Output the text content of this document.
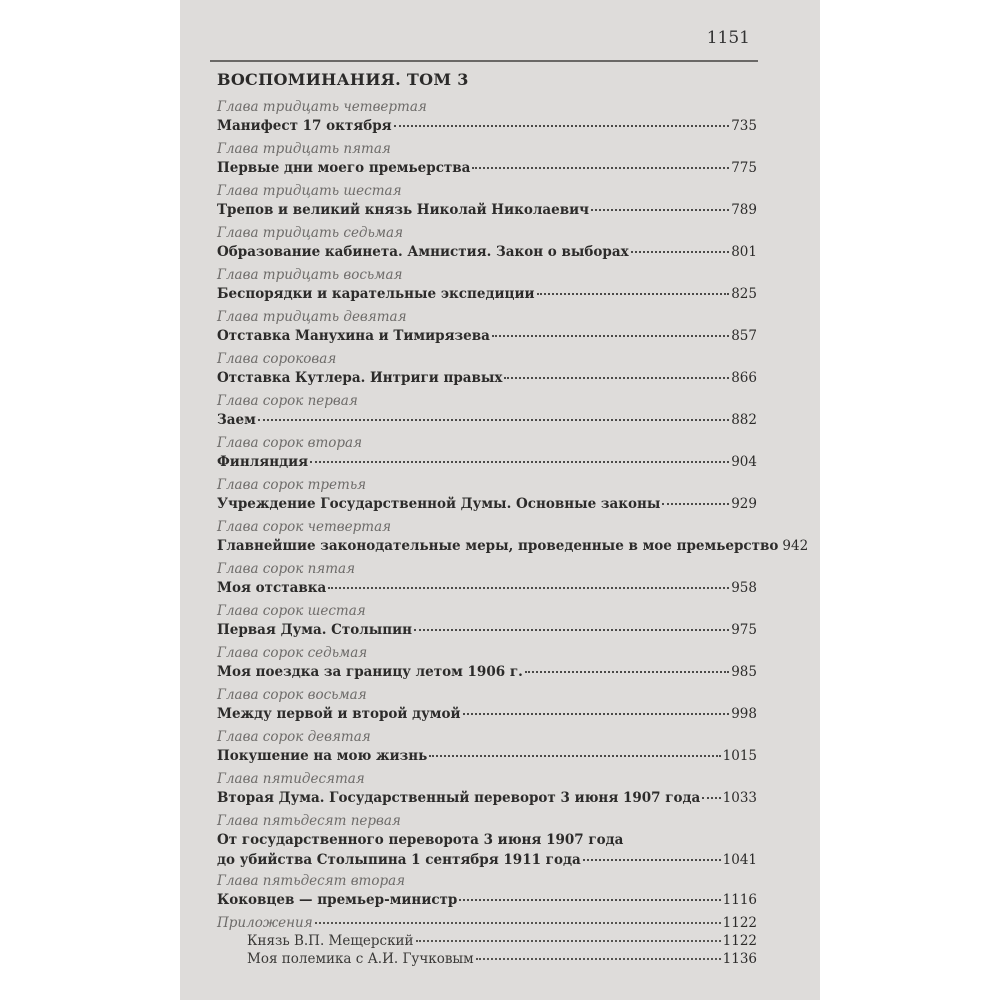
1151
ВОСПОМИНАНИЯ. ТОМ 3
Глава тридцать четвертая
Манифест 17 октября	735
Глава тридцать пятая
Первые дни моего премьерства	775
Глава тридцать шестая
Трепов и великий князь Николай Николаевич	789
Глава тридцать седьмая
Образование кабинета. Амнистия. Закон о выборах	801
Глава тридцать восьмая
Беспорядки и карательные экспедиции	825
Глава тридцать девятая
Отставка Манухина и Тимирязева	857
Глава сороковая
Отставка Кутлера. Интриги правых	866
Глава сорок первая
Заем	882
Глава сорок вторая
Финляндия	904
Глава сорок третья
Учреждение Государственной Думы. Основные законы	929
Глава сорок четвертая
Главнейшие законодательные меры, проведенные в мое премьерство 942
Глава сорок пятая
Моя отставка	958
Глава сорок шестая
Первая Дума. Столыпин	975
Глава сорок седьмая
Моя поездка за границу летом 1906 г.	985
Глава сорок восьмая
Между первой и второй думой	998
Глава сорок девятая
Покушение на мою жизнь	1015
Глава пятидесятая
Вторая Дума. Государственный переворот 3 июня 1907 года 1033
Глава пятьдесят первая
От государственного переворота 3 июня 1907 года
до убийства Столыпина 1 сентября 1911 года	1041
Глава пятьдесят вторая
Коковцев — премьер-министр	1116
Приложения	1122
Князь В.П. Мещерский	1122
Моя полемика с А.И. Гучковым	1136
